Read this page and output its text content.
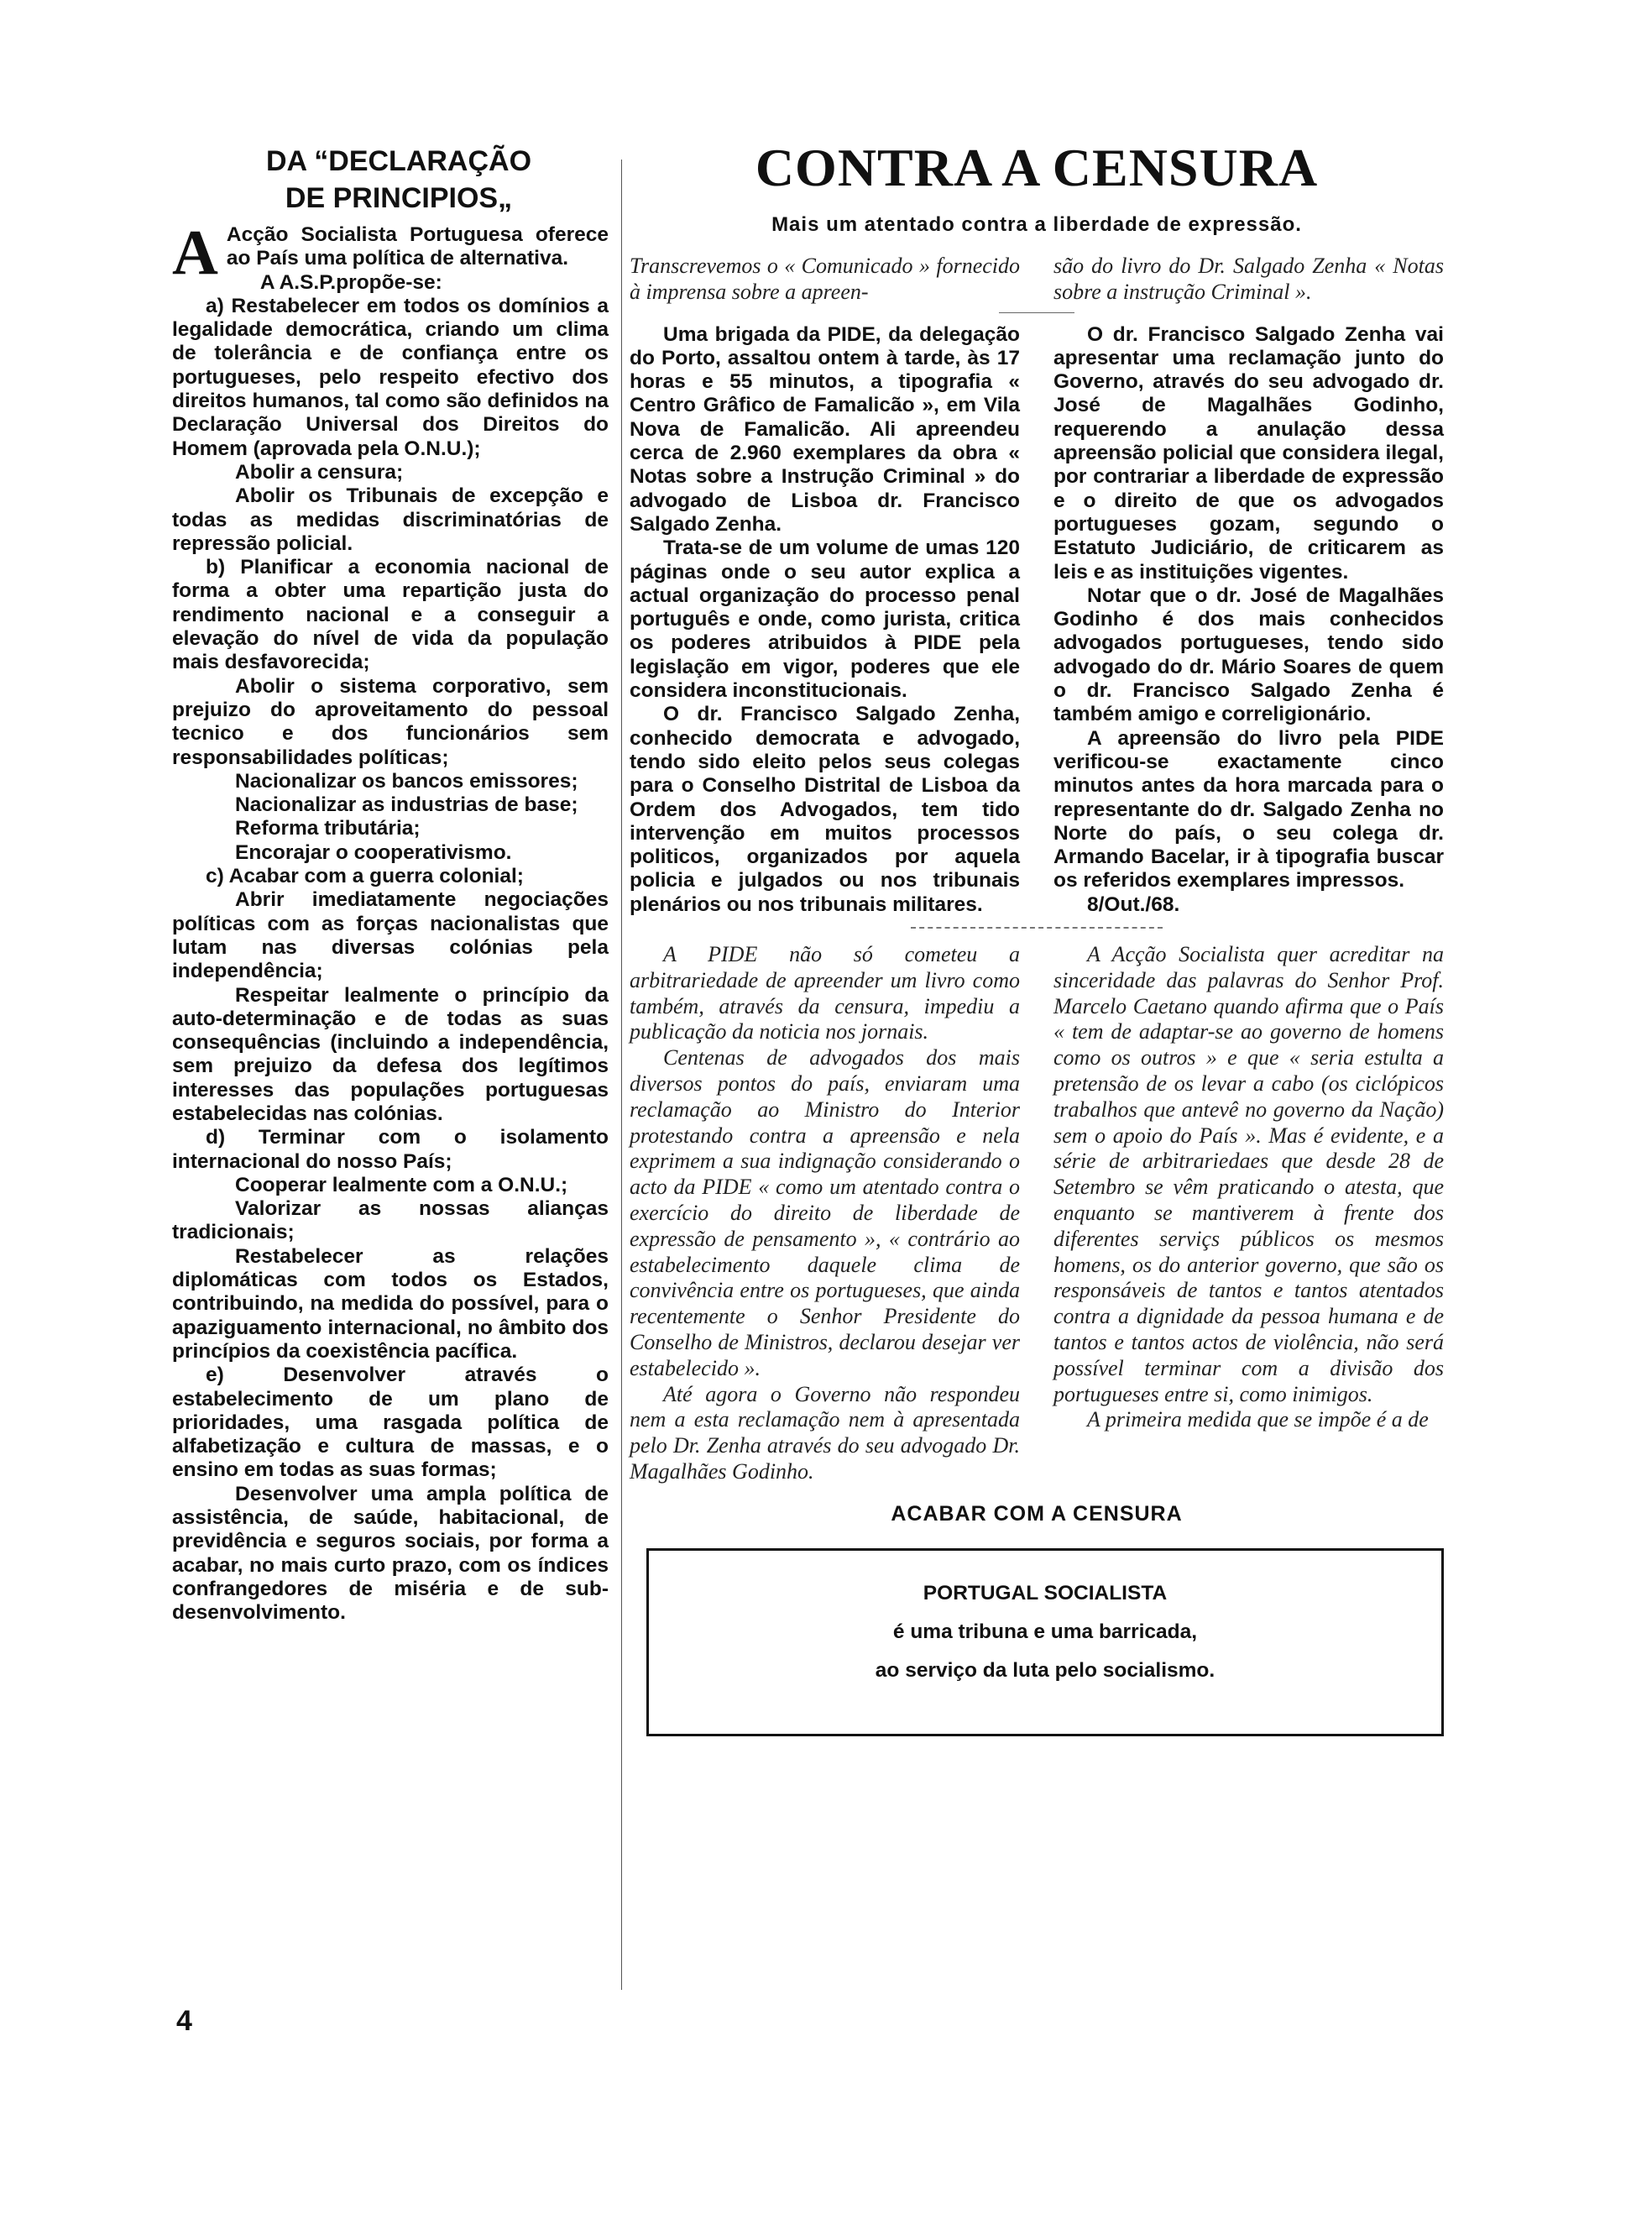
DA “DECLARAÇÃO
DE PRINCIPIOS„

A Acção Socialista Portuguesa oferece ao País uma política de alternativa.

A A.S.P.propõe-se:

a) Restabelecer em todos os domínios a legalidade democrática, criando um clima de tolerância e de confiança entre os portugueses, pelo respeito efectivo dos direitos humanos, tal como são definidos na Declaração Universal dos Direitos do Homem (aprovada pela O.N.U.);

Abolir a censura;

Abolir os Tribunais de excepção e todas as medidas discriminatórias de repressão policial.

b) Planificar a economia nacional de forma a obter uma repartição justa do rendimento nacional e a conseguir a elevação do nível de vida da população mais desfavorecida;

Abolir o sistema corporativo, sem prejuizo do aproveitamento do pessoal tecnico e dos funcionários sem responsabilidades políticas;

Nacionalizar os bancos emissores;

Nacionalizar as industrias de base;

Reforma tributária;

Encorajar o cooperativismo.

c) Acabar com a guerra colonial;

Abrir imediatamente negociações políticas com as forças nacionalistas que lutam nas diversas colónias pela independência;

Respeitar lealmente o princípio da auto-determinação e de todas as suas consequências (incluindo a independência, sem prejuizo da defesa dos legítimos interesses das populações portuguesas estabelecidas nas colónias.

d) Terminar com o isolamento internacional do nosso País;

Cooperar lealmente com a O.N.U.;

Valorizar as nossas alianças tradicionais;

Restabelecer as relações diplomáticas com todos os Estados, contribuindo, na medida do possível, para o apaziguamento internacional, no âmbito dos princípios da coexistência pacífica.

e) Desenvolver através o estabelecimento de um plano de prioridades, uma rasgada política de alfabetização e cultura de massas, e o ensino em todas as suas formas;

Desenvolver uma ampla política de assistência, de saúde, habitacional, de previdência e seguros sociais, por forma a acabar, no mais curto prazo, com os índices confrangedores de miséria e de sub-desenvolvimento.

CONTRA A CENSURA
Mais um atentado contra a liberdade de expressão.
Transcrevemos o « Comunicado » fornecido à imprensa sobre a apreen-
são do livro do Dr. Salgado Zenha « Notas sobre a instrução Criminal ».

Uma brigada da PIDE, da delegação do Porto, assaltou ontem à tarde, às 17 horas e 55 minutos, a tipografia « Centro Grâfico de Famalicão », em Vila Nova de Famalicão. Ali apreendeu cerca de 2.960 exemplares da obra « Notas sobre a Instrução Criminal » do advogado de Lisboa dr. Francisco Salgado Zenha.

Trata-se de um volume de umas 120 páginas onde o seu autor explica a actual organização do processo penal português e onde, como jurista, critica os poderes atribuidos à PIDE pela legislação em vigor, poderes que ele considera inconstitucionais.

O dr. Francisco Salgado Zenha, conhecido democrata e advogado, tendo sido eleito pelos seus colegas para o Conselho Distrital de Lisboa da Ordem dos Advogados, tem tido intervenção em muitos processos politicos, organizados por aquela policia e julgados ou nos tribunais plenários ou nos tribunais militares.

O dr. Francisco Salgado Zenha vai apresentar uma reclamação junto do Governo, através do seu advogado dr. José de Magalhães Godinho, requerendo a anulação dessa apreensão policial que considera ilegal, por contrariar a liberdade de expressão e o direito de que os advogados portugueses gozam, segundo o Estatuto Judiciário, de criticarem as leis e as instituições vigentes.

Notar que o dr. José de Magalhães Godinho é dos mais conhecidos advogados portugueses, tendo sido advogado do dr. Mário Soares de quem o dr. Francisco Salgado Zenha é também amigo e correligionário.

A apreensão do livro pela PIDE verificou-se exactamente cinco minutos antes da hora marcada para o representante do dr. Salgado Zenha no Norte do país, o seu colega dr. Armando Bacelar, ir à tipografia buscar os referidos exemplares impressos.

8/Out./68.

A PIDE não só cometeu a arbitrariedade de apreender um livro como também, através da censura, impediu a publicação da noticia nos jornais.

Centenas de advogados dos mais diversos pontos do país, enviaram uma reclamação ao Ministro do Interior protestando contra a apreensão e nela exprimem a sua indignação considerando o acto da PIDE « como um atentado contra o exercício do direito de liberdade de expressão de pensamento », « contrário ao estabelecimento daquele clima de convivência entre os portugueses, que ainda recentemente o Senhor Presidente do Conselho de Ministros, declarou desejar ver estabelecido ».

Até agora o Governo não respondeu nem a esta reclamação nem à apresentada pelo Dr. Zenha através do seu advogado Dr. Magalhães Godinho.

A Acção Socialista quer acreditar na sinceridade das palavras do Senhor Prof. Marcelo Caetano quando afirma que o País « tem de adaptar-se ao governo de homens como os outros » e que « seria estulta a pretensão de os levar a cabo (os ciclópicos trabalhos que antevê no governo da Nação) sem o apoio do País ». Mas é evidente, e a série de arbitrariedaes que desde 28 de Setembro se vêm praticando o atesta, que enquanto se mantiverem à frente dos diferentes serviçs públicos os mesmos homens, os do anterior governo, que são os responsáveis de tantos e tantos atentados contra a dignidade da pessoa humana e de tantos e tantos actos de violência, não será possível terminar com a divisão dos portugueses entre si, como inimigos.

A primeira medida que se impõe é a de

ACABAR COM A CENSURA
PORTUGAL SOCIALISTA
é uma tribuna e uma barricada,
ao serviço da luta pelo socialismo.
4
